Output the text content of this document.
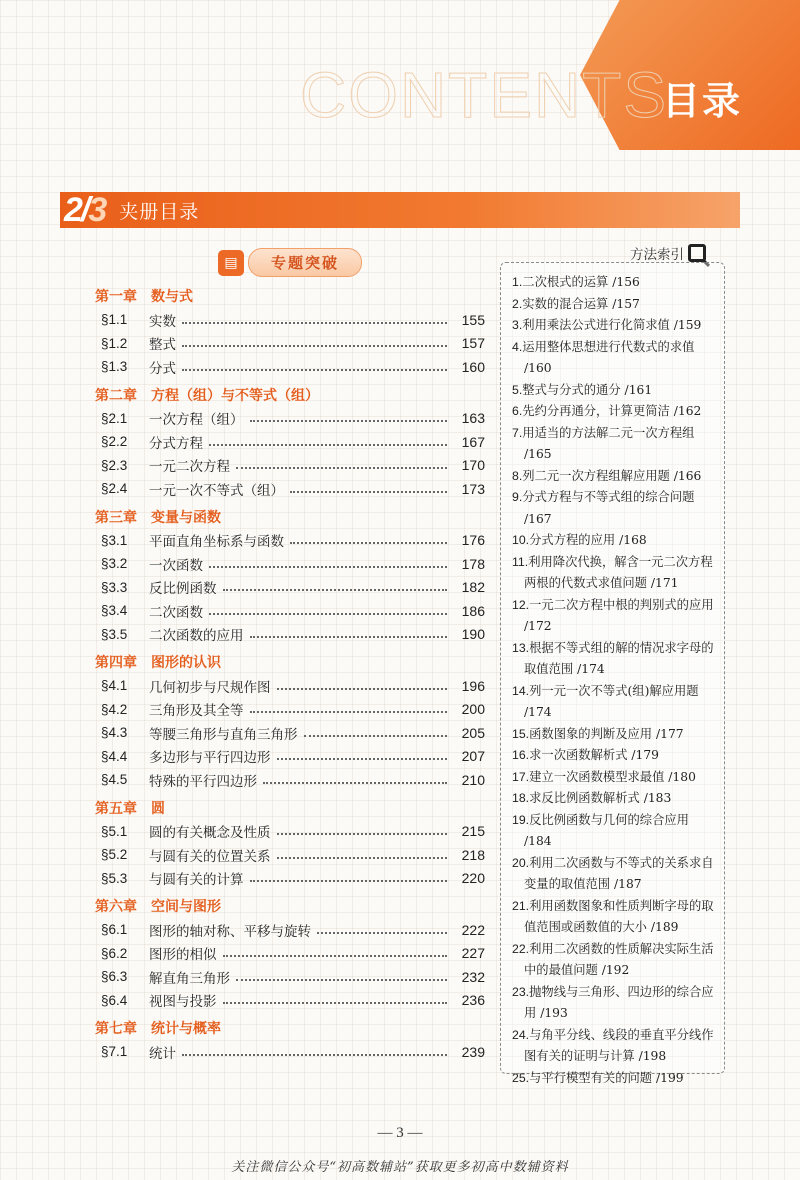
CONTENTS
目录
2/3 夹册目录
▤	专题突破
第一章　数与式
§1.1	实数	155
§1.2	整式	157
§1.3	分式	160
第二章　方程（组）与不等式（组）
§2.1	一次方程（组）	163
§2.2	分式方程	167
§2.3	一元二次方程	170
§2.4	一元一次不等式（组）	173
第三章　变量与函数
§3.1	平面直角坐标系与函数	176
§3.2	一次函数	178
§3.3	反比例函数	182
§3.4	二次函数	186
§3.5	二次函数的应用	190
第四章　图形的认识
§4.1	几何初步与尺规作图	196
§4.2	三角形及其全等	200
§4.3	等腰三角形与直角三角形	205
§4.4	多边形与平行四边形	207
§4.5	特殊的平行四边形	210
第五章　圆
§5.1	圆的有关概念及性质	215
§5.2	与圆有关的位置关系	218
§5.3	与圆有关的计算	220
第六章　空间与图形
§6.1	图形的轴对称、平移与旋转	222
§6.2	图形的相似	227
§6.3	解直角三角形	232
§6.4	视图与投影	236
第七章　统计与概率
§7.1	统计	239
方法索引
1.二次根式的运算 /156
2.实数的混合运算 /157
3.利用乘法公式进行化简求值 /159
4.运用整体思想进行代数式的求值 /160
5.整式与分式的通分 /161
6.先约分再通分，计算更简洁 /162
7.用适当的方法解二元一次方程组 /165
8.列二元一次方程组解应用题 /166
9.分式方程与不等式组的综合问题 /167
10.分式方程的应用 /168
11.利用降次代换，解含一元二次方程两根的代数式求值问题 /171
12.一元二次方程中根的判别式的应用 /172
13.根据不等式组的解的情况求字母的取值范围 /174
14.列一元一次不等式(组)解应用题 /174
15.函数图象的判断及应用 /177
16.求一次函数解析式 /179
17.建立一次函数模型求最值 /180
18.求反比例函数解析式 /183
19.反比例函数与几何的综合应用 /184
20.利用二次函数与不等式的关系求自变量的取值范围 /187
21.利用函数图象和性质判断字母的取值范围或函数值的大小 /189
22.利用二次函数的性质解决实际生活中的最值问题 /192
23.抛物线与三角形、四边形的综合应用 /193
24.与角平分线、线段的垂直平分线作图有关的证明与计算 /198
25.与平行模型有关的问题 /199
— 3 —
关注微信公众号“初高数辅站”获取更多初高中数辅资料
